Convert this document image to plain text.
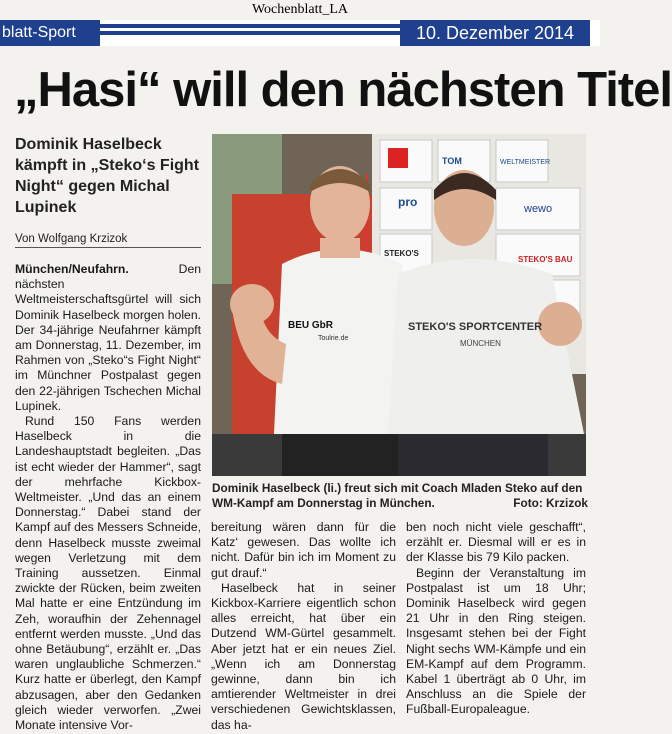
Wochenblatt_LA
blatt-Sport	10. Dezember 2014
„Hasi“ will den nächsten Titel
Dominik Haselbeck kämpft in „Steko‘s Fight Night“ gegen Michal Lupinek
Von Wolfgang Krzizok

München/Neufahrn. Den nächsten Weltmeisterschaftsgürtel will sich Dominik Haselbeck morgen holen. Der 34-jährige Neufahrner kämpft am Donnerstag, 11. Dezember, im Rahmen von „Steko“s Fight Night“ im Münchner Postpalast gegen den 22-jährigen Tschechen Michal Lupinek.

Rund 150 Fans werden Haselbeck in die Landeshauptstadt begleiten. „Das ist echt wieder der Hammer“, sagt der mehrfache Kickbox-Weltmeister. „Und das an einem Donnerstag.“ Dabei stand der Kampf auf des Messers Schneide, denn Haselbeck musste zweimal wegen Verletzung mit dem Training aussetzen. Einmal zwickte der Rücken, beim zweiten Mal hatte er eine Entzündung im Zeh, woraufhin der Zehennagel entfernt werden musste. „Und das ohne Betäubung“, erzählt er. „Das waren unglaubliche Schmerzen.“ Kurz hatte er überlegt, den Kampf abzusagen, aber den Gedanken gleich wieder verworfen. „Zwei Monate intensive Vor-

bereitung wären dann für die Katz‘ gewesen. Das wollte ich nicht. Dafür bin ich im Moment zu gut drauf.“

Haselbeck hat in seiner Kickbox-Karriere eigentlich schon alles erreicht, hat über ein Dutzend WM-Gürtel gesammelt. Aber jetzt hat er ein neues Ziel. „Wenn ich am Donnerstag gewinne, dann bin ich amtierender Weltmeister in drei verschiedenen Gewichtsklassen, das ha-

ben noch nicht viele geschafft“, erzählt er. Diesmal will er es in der Klasse bis 79 Kilo packen.

Beginn der Veranstaltung im Postpalast ist um 18 Uhr; Dominik Haselbeck wird gegen 21 Uhr in den Ring steigen. Insgesamt stehen bei der Fight Night sechs WM-Kämpfe und ein EM-Kampf auf dem Programm. Kabel 1 überträgt ab 0 Uhr, im Anschluss an die Spiele der Fußball-Europaleague.

TOM	WELTMEISTER
wewo
STEKO'S
STEKO'S BAU
pro
BEU GbR
Toulrie.de
STEKO'S SPORTCENTER
MÜNCHEN
Dominik Haselbeck (li.) freut sich mit Coach Mladen Steko auf den WM-Kampf am Donnerstag in München.	Foto: Krzizok
